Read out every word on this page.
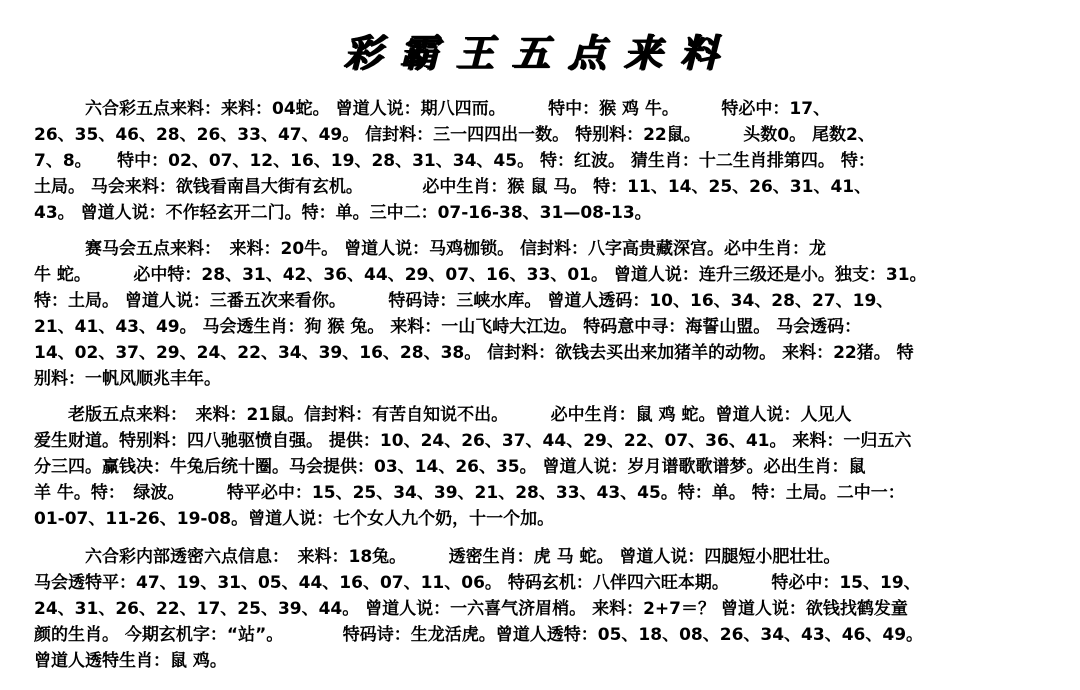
彩霸王五点来料
　　　六合彩五点来料：来料：04蛇。 曾道人说：期八四而。　　　特中：猴 鸡 牛。　　　特必中：17、
26、35、46、28、26、33、47、49。 信封料：三一四四出一数。 特别料：22鼠。　　　头数0。 尾数2、
7、8。　　特中：02、07、12、16、19、28、31、34、45。 特：红波。 猜生肖：十二生肖排第四。 特：
土局。 马会来料：欲钱看南昌大街有玄机。　　　　必中生肖：猴 鼠 马。 特：11、14、25、26、31、41、
43。 曾道人说：不作轻玄开二门。特：单。三中二：07-16-38、31—08-13。
　　　赛马会五点来料：　来料：20牛。 曾道人说：马鸡枷锁。 信封料：八字高贵藏深宫。必中生肖：龙
牛 蛇。　　　必中特：28、31、42、36、44、29、07、16、33、01。 曾道人说：连升三级还是小。独支：31。
特：土局。 曾道人说：三番五次来看你。　　　特码诗：三峡水库。 曾道人透码：10、16、34、28、27、19、
21、41、43、49。 马会透生肖：狗 猴 兔。 来料：一山飞峙大江边。 特码意中寻：海誓山盟。 马会透码：
14、02、37、29、24、22、34、39、16、28、38。 信封料：欲钱去买出来加猪羊的动物。 来料：22猪。 特
别料：一帆风顺兆丰年。
　　老版五点来料：　来料：21鼠。信封料：有苦自知说不出。　　　必中生肖：鼠 鸡 蛇。曾道人说：人见人
爱生财道。特别料：四八驰驱愤自强。 提供：10、24、26、37、44、29、22、07、36、41。 来料：一归五六
分三四。赢钱决：牛兔后统十圈。马会提供：03、14、26、35。 曾道人说：岁月谱歌歌谱梦。必出生肖：鼠
羊 牛。特：　绿波。　　　特平必中：15、25、34、39、21、28、33、43、45。特：单。 特：土局。二中一：
01-07、11-26、19-08。曾道人说：七个女人九个奶，十一个加。
　　　六合彩内部透密六点信息：　来料：18兔。　　　透密生肖：虎 马 蛇。 曾道人说：四腿短小肥壮壮。
马会透特平：47、19、31、05、44、16、07、11、06。 特码玄机：八伴四六旺本期。　　　特必中：15、19、
24、31、26、22、17、25、39、44。 曾道人说：一六喜气济眉梢。 来料：2+7＝？ 曾道人说：欲钱找鹤发童
颜的生肖。 今期玄机字：“站”。　　　　特码诗：生龙活虎。曾道人透特：05、18、08、26、34、43、46、49。
曾道人透特生肖：鼠 鸡。
